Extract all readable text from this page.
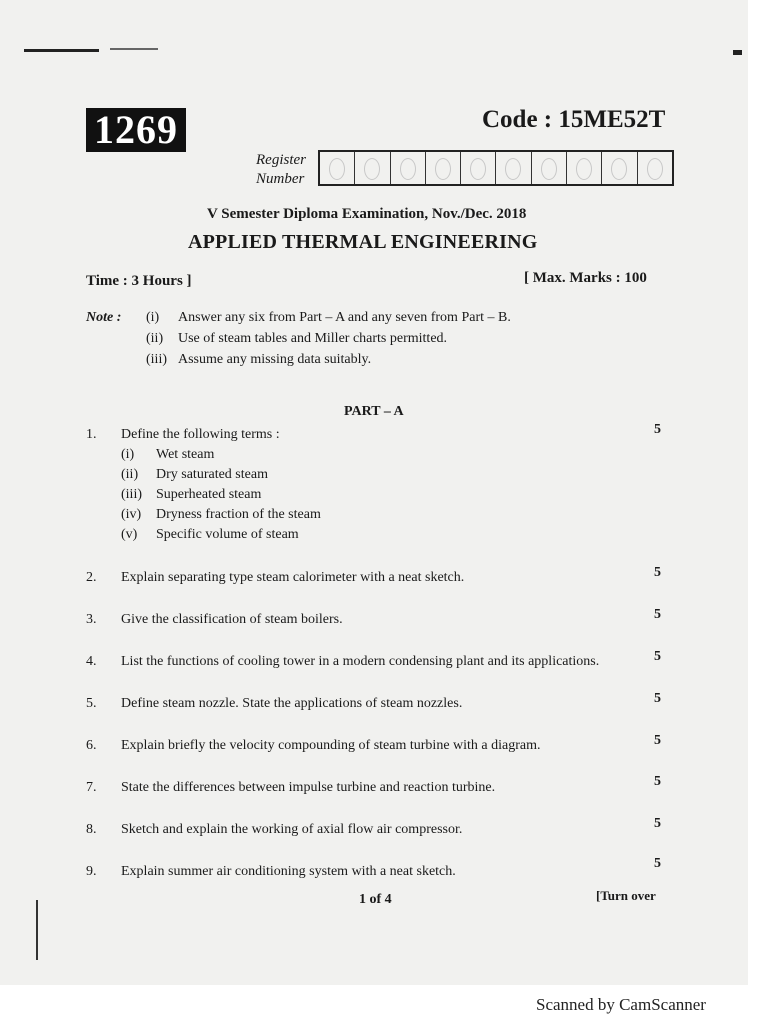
1269	Code : 15ME52T
Register
Number
V Semester Diploma Examination, Nov./Dec. 2018
APPLIED THERMAL ENGINEERING
Time : 3 Hours ]	[ Max. Marks : 100
Note : (i) Answer any six from Part – A and any seven from Part – B.
(ii) Use of steam tables and Miller charts permitted.
(iii) Assume any missing data suitably.
PART – A
1. Define the following terms :	5
(i) Wet steam
(ii) Dry saturated steam
(iii) Superheated steam
(iv) Dryness fraction of the steam
(v) Specific volume of steam
2. Explain separating type steam calorimeter with a neat sketch.	5
3. Give the classification of steam boilers.	5
4. List the functions of cooling tower in a modern condensing plant and its applications.	5
5. Define steam nozzle. State the applications of steam nozzles.	5
6. Explain briefly the velocity compounding of steam turbine with a diagram.	5
7. State the differences between impulse turbine and reaction turbine.	5
8. Sketch and explain the working of axial flow air compressor.	5
9. Explain summer air conditioning system with a neat sketch.
5
1 of 4	[Turn over
Scanned by CamScanner
